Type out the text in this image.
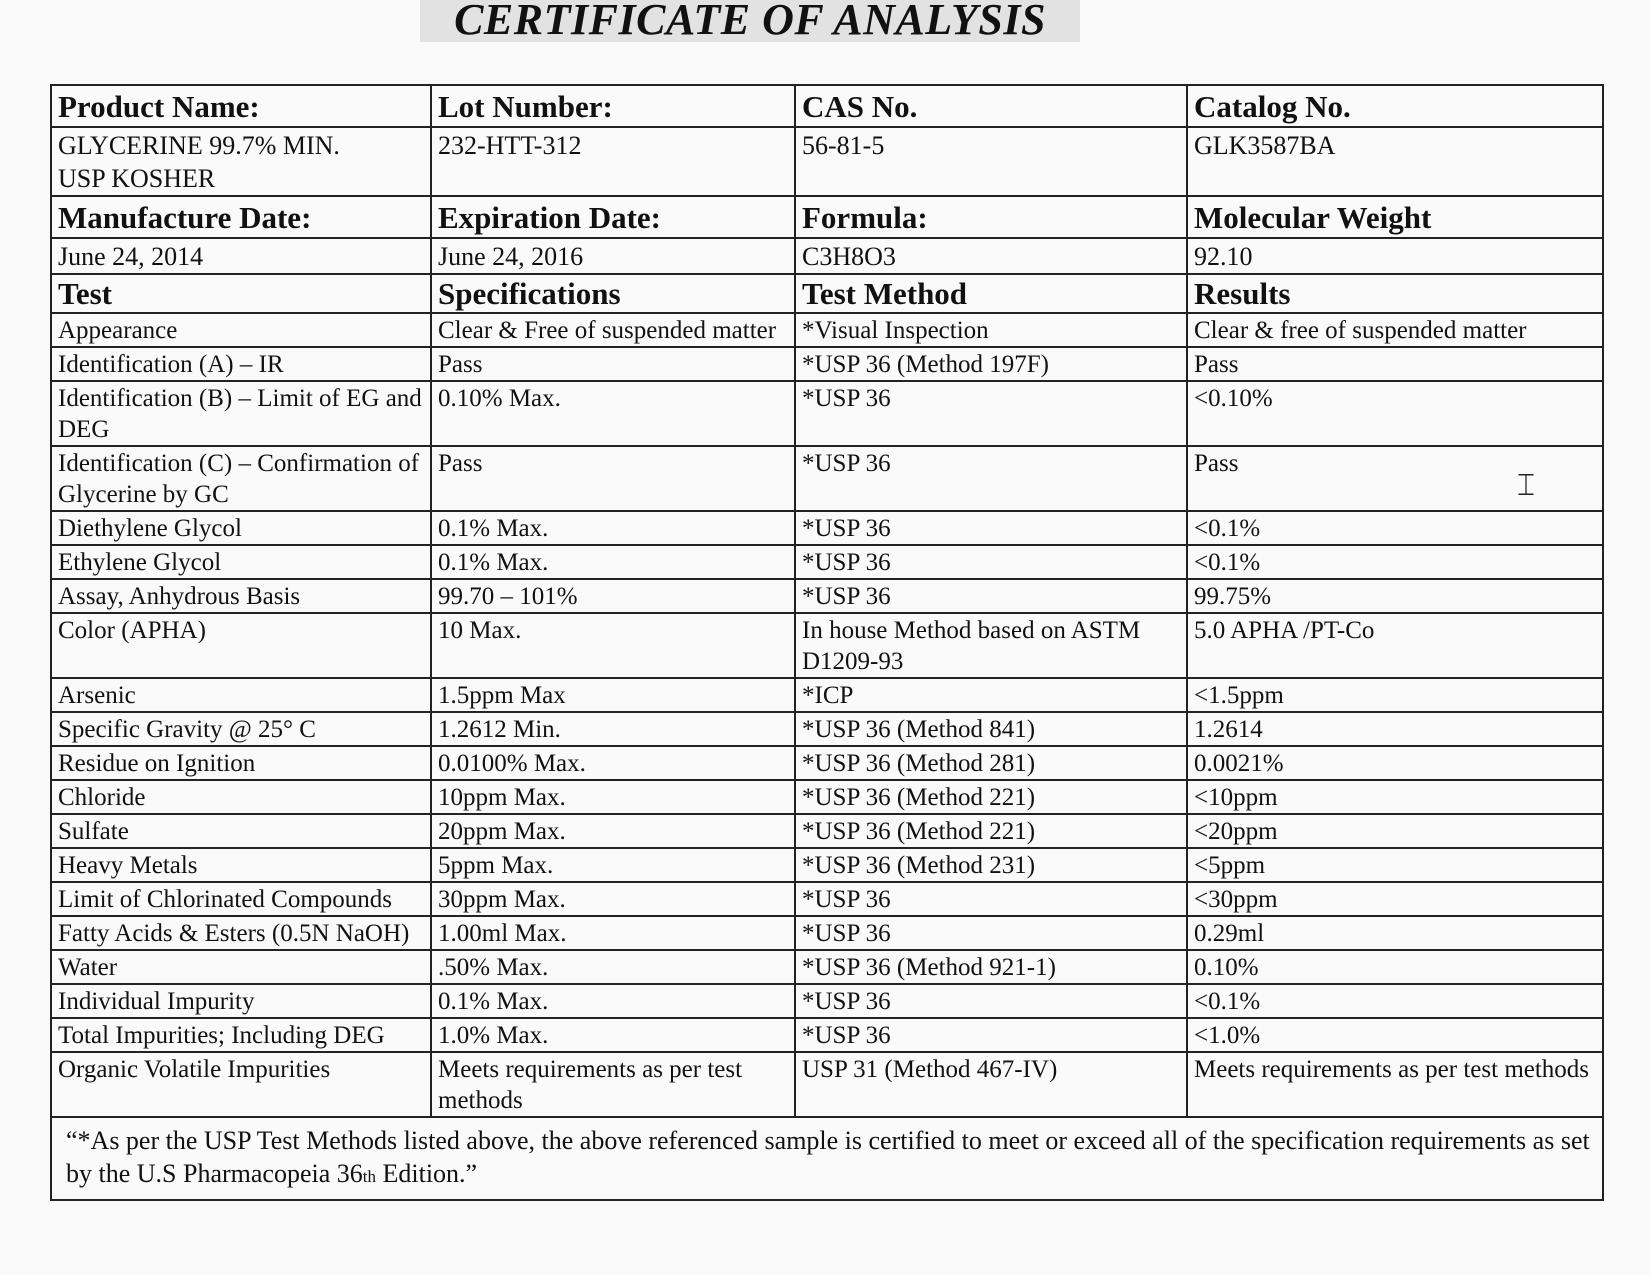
CERTIFICATE OF ANALYSIS
Product Name:	Lot Number:	CAS No.	Catalog No.

GLYCERINE 99.7% MIN.
USP KOSHER	232-HTT-312	56-81-5	GLK3587BA
Manufacture Date:	Expiration Date:	Formula:	Molecular Weight
June 24, 2014	June 24, 2016	C3H8O3	92.10
Test	Specifications	Test Method	Results
Appearance	Clear & Free of suspended matter	*Visual Inspection	Clear & free of suspended matter
Identification (A) – IR	Pass	*USP 36 (Method 197F)	Pass
Identification (B) – Limit of EG and DEG	0.10% Max.	*USP 36	<0.10%
Identification (C) – Confirmation of Glycerine by GC	Pass	*USP 36	Pass
Diethylene Glycol	0.1% Max.	*USP 36	<0.1%
Ethylene Glycol	0.1% Max.	*USP 36	<0.1%
Assay, Anhydrous Basis	99.70 – 101%	*USP 36	99.75%
Color (APHA)	10 Max.	In house Method based on ASTM D1209-93	5.0 APHA /PT-Co
Arsenic	1.5ppm Max	*ICP	<1.5ppm
Specific Gravity @ 25° C	1.2612 Min.	*USP 36 (Method 841)	1.2614
Residue on Ignition	0.0100% Max.	*USP 36 (Method 281)	0.0021%
Chloride	10ppm Max.	*USP 36 (Method 221)	<10ppm
Sulfate	20ppm Max.	*USP 36 (Method 221)	<20ppm
Heavy Metals	5ppm Max.	*USP 36 (Method 231)	<5ppm
Limit of Chlorinated Compounds	30ppm Max.	*USP 36	<30ppm
Fatty Acids & Esters (0.5N NaOH)	1.00ml Max.	*USP 36	0.29ml
Water	.50% Max.	*USP 36 (Method 921-1)	0.10%
Individual Impurity	0.1% Max.	*USP 36	<0.1%
Total Impurities; Including DEG	1.0% Max.	*USP 36	<1.0%
Organic Volatile Impurities	Meets requirements as per test methods	USP 31 (Method 467-IV)	Meets requirements as per test methods
“*As per the USP Test Methods listed above, the above referenced sample is certified to meet or exceed all of the specification requirements as set by the U.S Pharmacopeia 36th Edition.”			
⌶
